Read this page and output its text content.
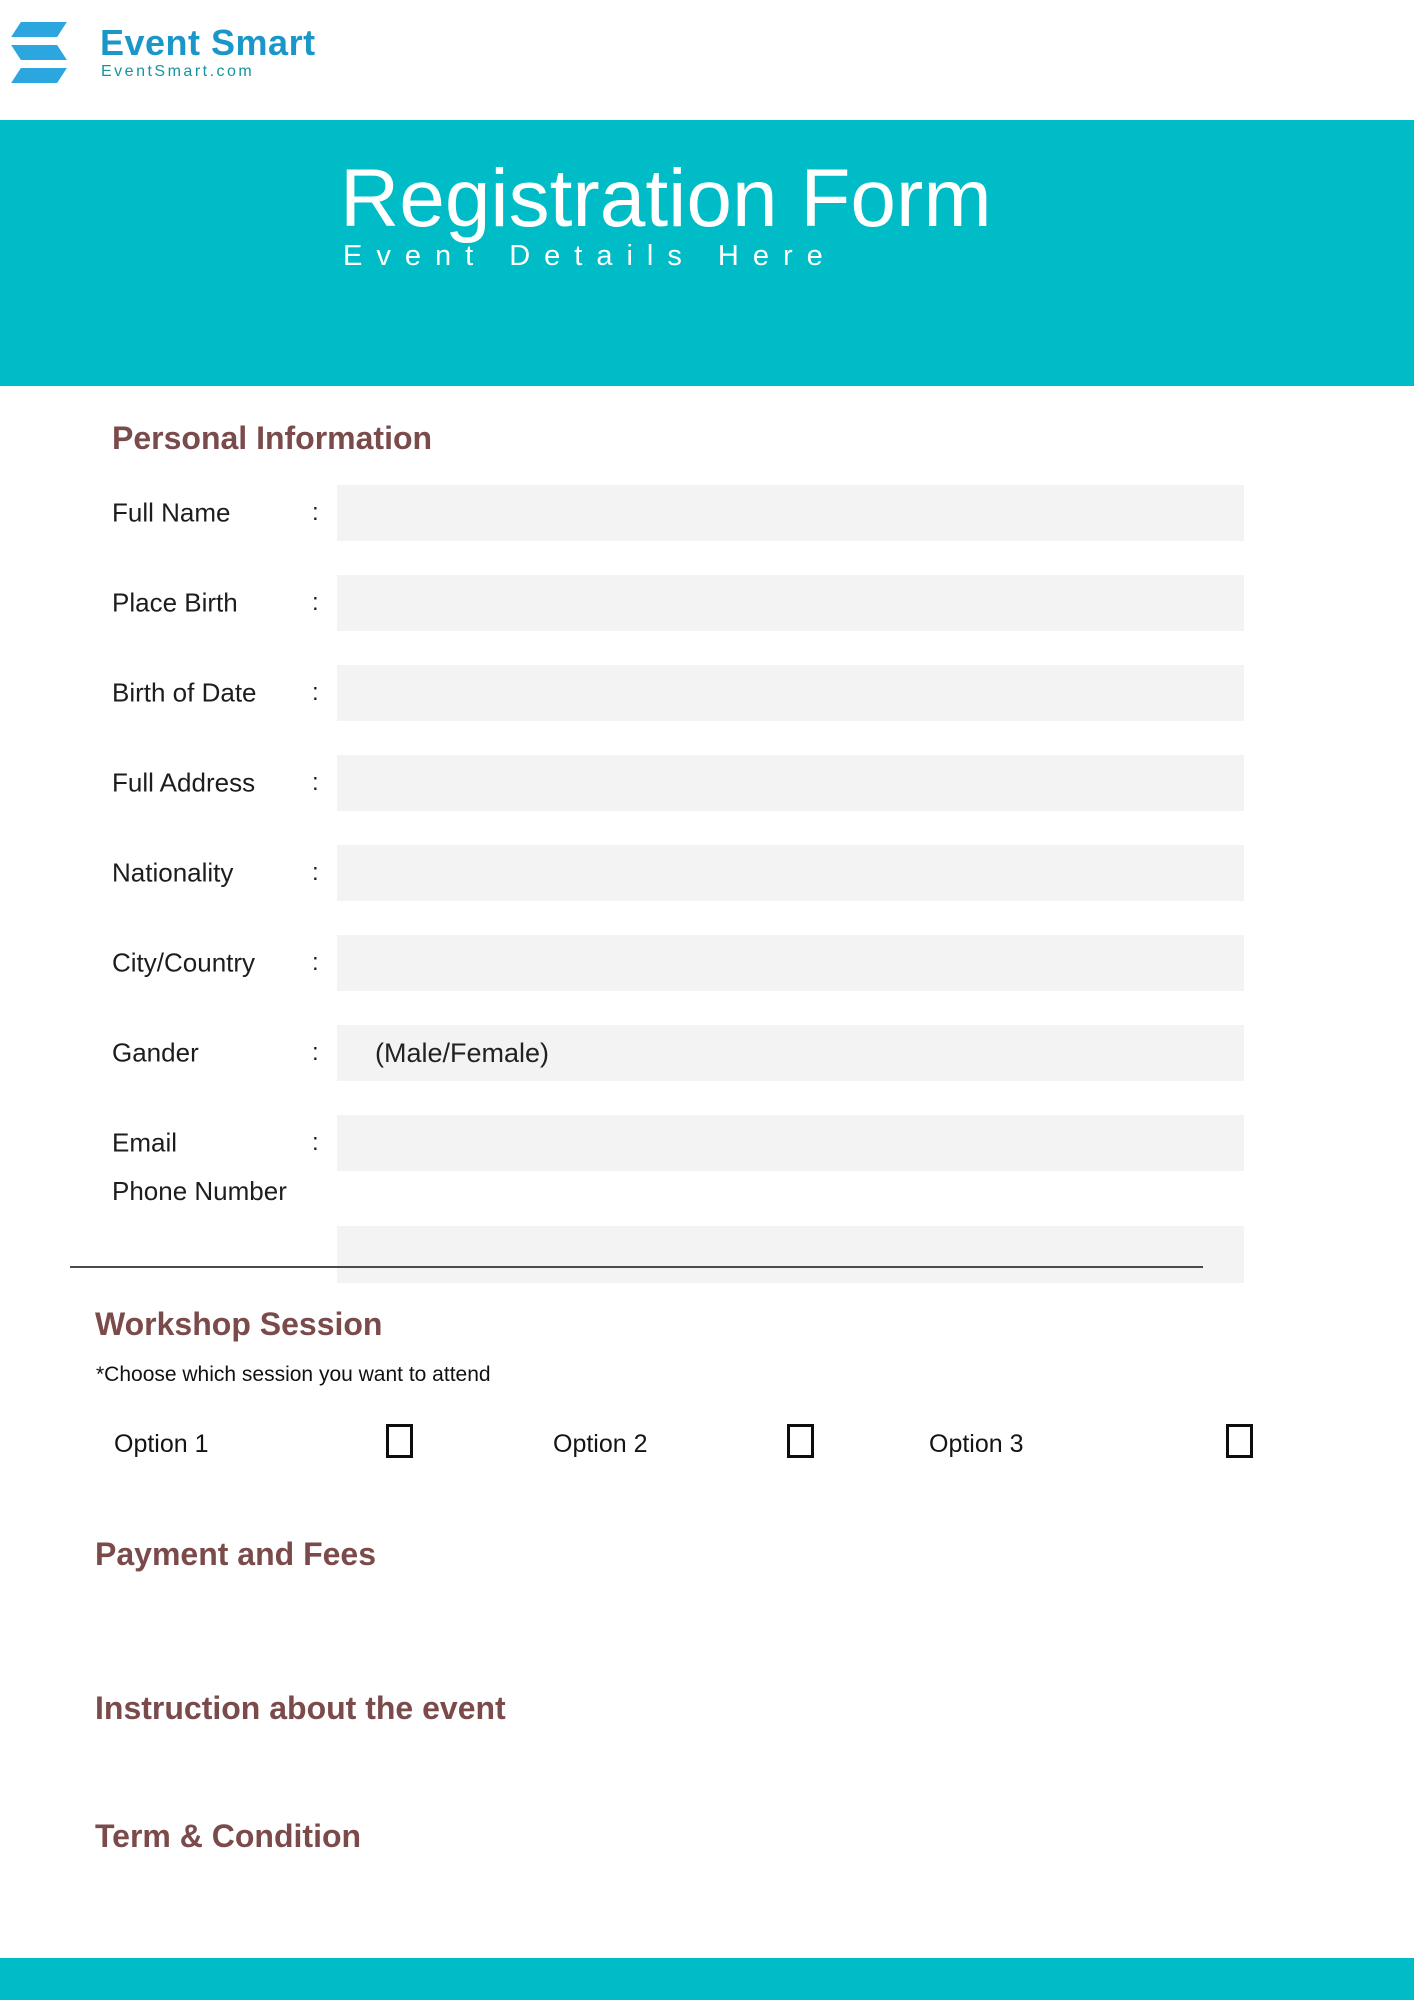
Event Smart
EventSmart.com
Registration Form
Event Details Here
Personal Information
Full Name	:
Place Birth	:
Birth of Date :
Full Address :
Nationality	:
City/Country :
Gander	:	(Male/Female)
Email	:
Phone Number
Workshop Session
*Choose which session you want to attend
Option 1	Option 2	Option 3
Payment and Fees
Instruction about the event
Term & Condition
